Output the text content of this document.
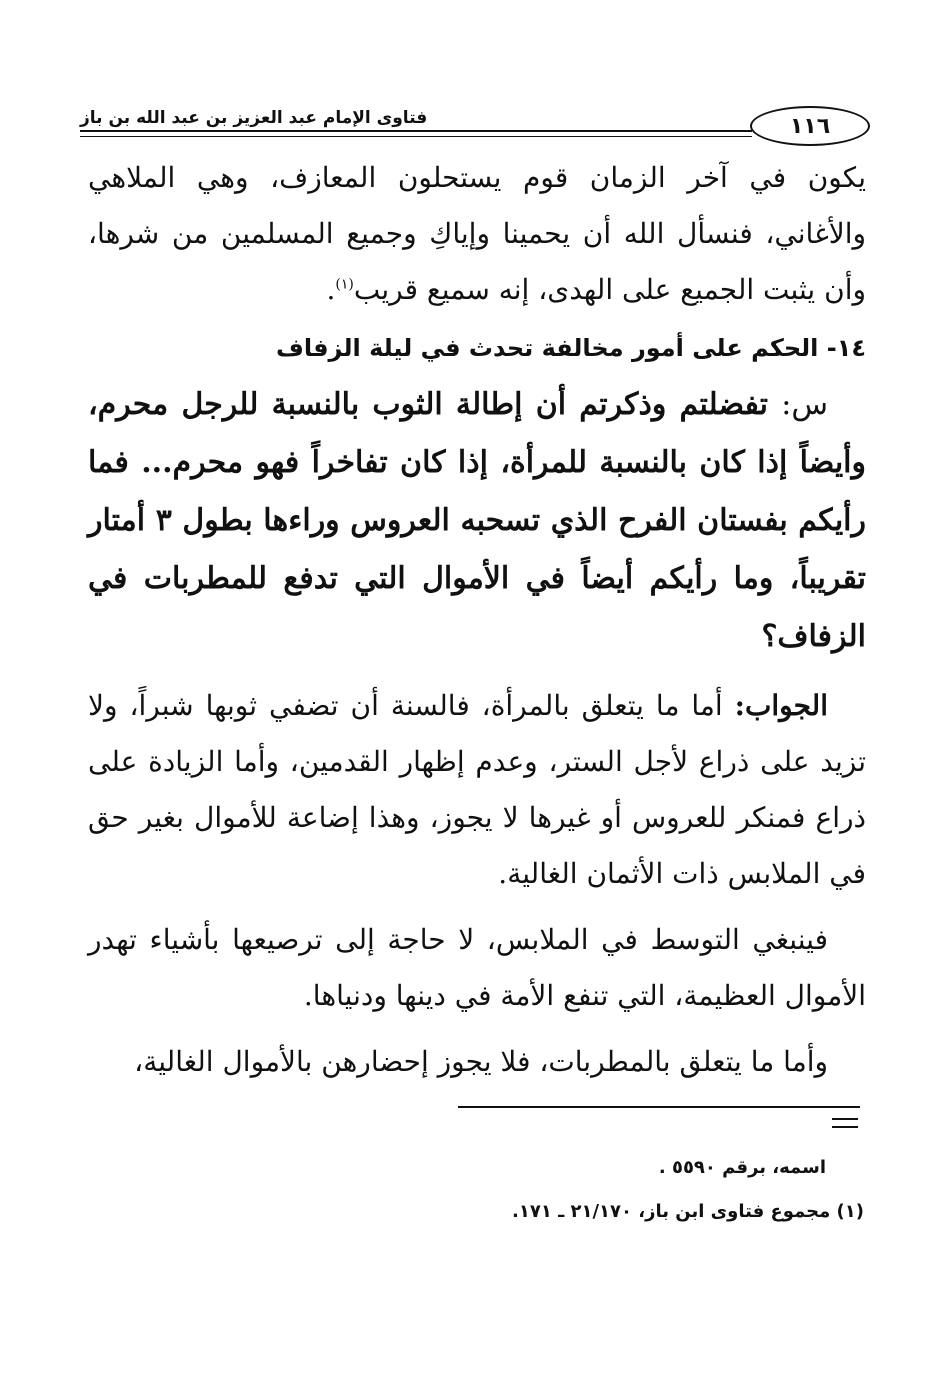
فتاوى الإمام عبد العزيز بن عبد الله بن باز	١١٦

يكون في آخر الزمان قوم يستحلون المعازف، وهي الملاهي والأغاني، فنسأل الله أن يحمينا وإياكِ وجميع المسلمين من شرها، وأن يثبت الجميع على الهدى، إنه سميع قريب$^{(١)}$.

١٤- الحكم على أمور مخالفة تحدث في ليلة الزفاف

س: تفضلتم وذكرتم أن إطالة الثوب بالنسبة للرجل محرم، وأيضاً إذا كان بالنسبة للمرأة، إذا كان تفاخراً فهو محرم... فما رأيكم بفستان الفرح الذي تسحبه العروس وراءها بطول ٣ أمتار تقريباً، وما رأيكم أيضاً في الأموال التي تدفع للمطربات في الزفاف؟

الجواب: أما ما يتعلق بالمرأة، فالسنة أن تضفي ثوبها شبراً، ولا تزيد على ذراع لأجل الستر، وعدم إظهار القدمين، وأما الزيادة على ذراع فمنكر للعروس أو غيرها لا يجوز، وهذا إضاعة للأموال بغير حق في الملابس ذات الأثمان الغالية.

فينبغي التوسط في الملابس، لا حاجة إلى ترصيعها بأشياء تهدر الأموال العظيمة، التي تنفع الأمة في دينها ودنياها.

وأما ما يتعلق بالمطربات، فلا يجوز إحضارهن بالأموال الغالية،

اسمه، برقم ٥٥٩٠ .

(١) مجموع فتاوى ابن باز، ٢١/١٧٠ ـ ١٧١.
